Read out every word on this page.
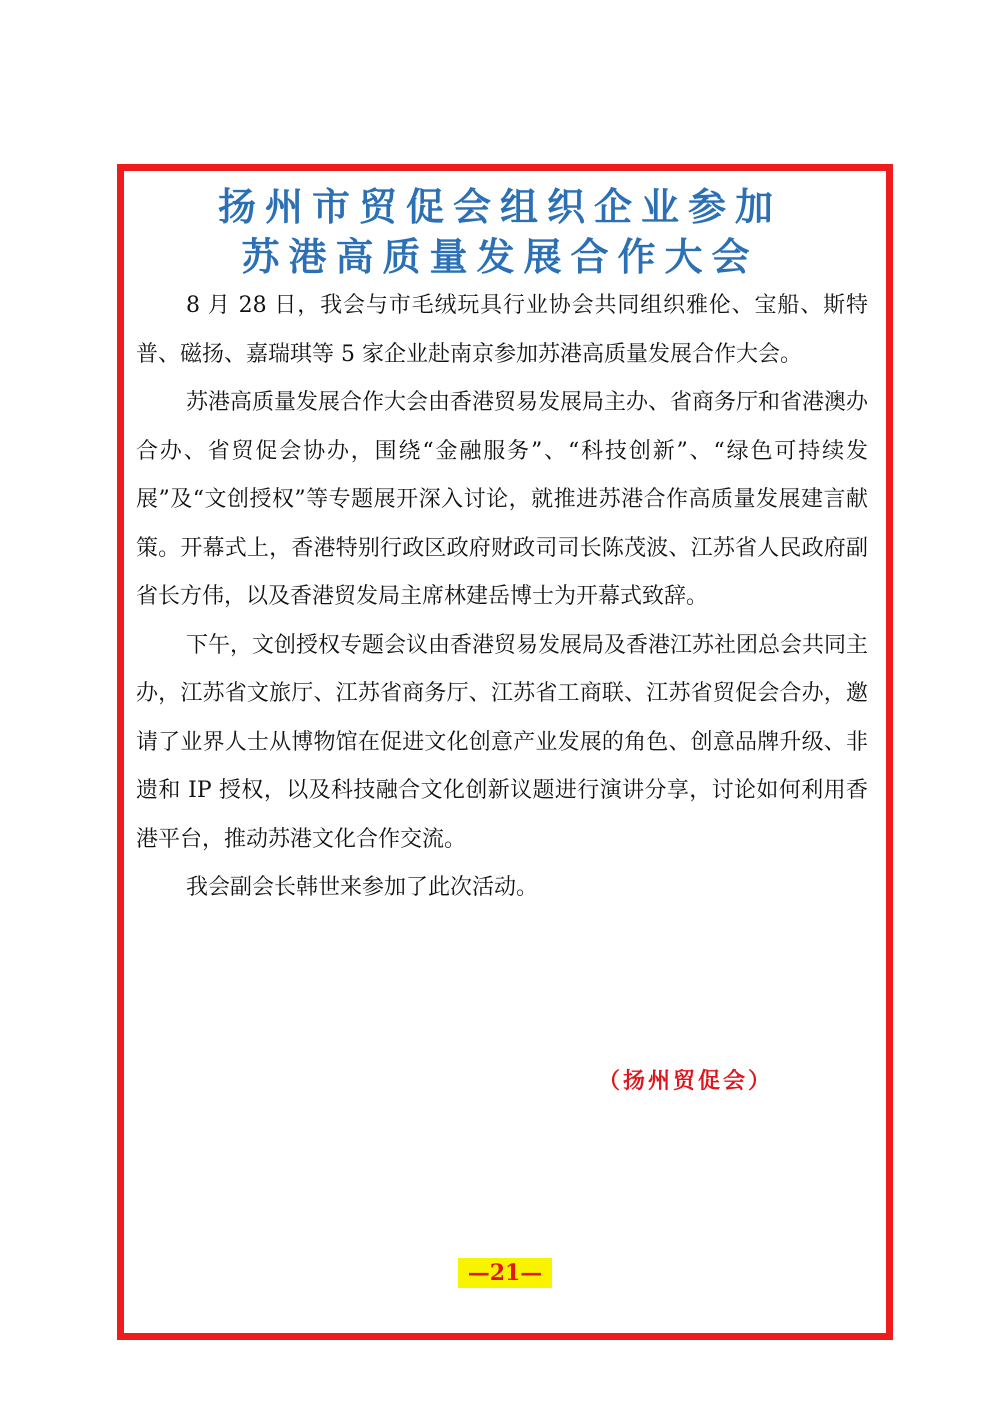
扬州市贸促会组织企业参加
苏港高质量发展合作大会

8 月 28 日，我会与市毛绒玩具行业协会共同组织雅伦、宝船、斯特普、磁扬、嘉瑞琪等 5 家企业赴南京参加苏港高质量发展合作大会。

苏港高质量发展合作大会由香港贸易发展局主办、省商务厅和省港澳办合办、省贸促会协办，围绕“金融服务”、“科技创新”、“绿色可持续发展”及“文创授权”等专题展开深入讨论，就推进苏港合作高质量发展建言献策。开幕式上，香港特别行政区政府财政司司长陈茂波、江苏省人民政府副省长方伟，以及香港贸发局主席林建岳博士为开幕式致辞。

下午，文创授权专题会议由香港贸易发展局及香港江苏社团总会共同主办，江苏省文旅厅、江苏省商务厅、江苏省工商联、江苏省贸促会合办，邀请了业界人士从博物馆在促进文化创意产业发展的角色、创意品牌升级、非遗和 IP 授权，以及科技融合文化创新议题进行演讲分享，讨论如何利用香港平台，推动苏港文化合作交流。

我会副会长韩世来参加了此次活动。

（扬州贸促会）
—21—
